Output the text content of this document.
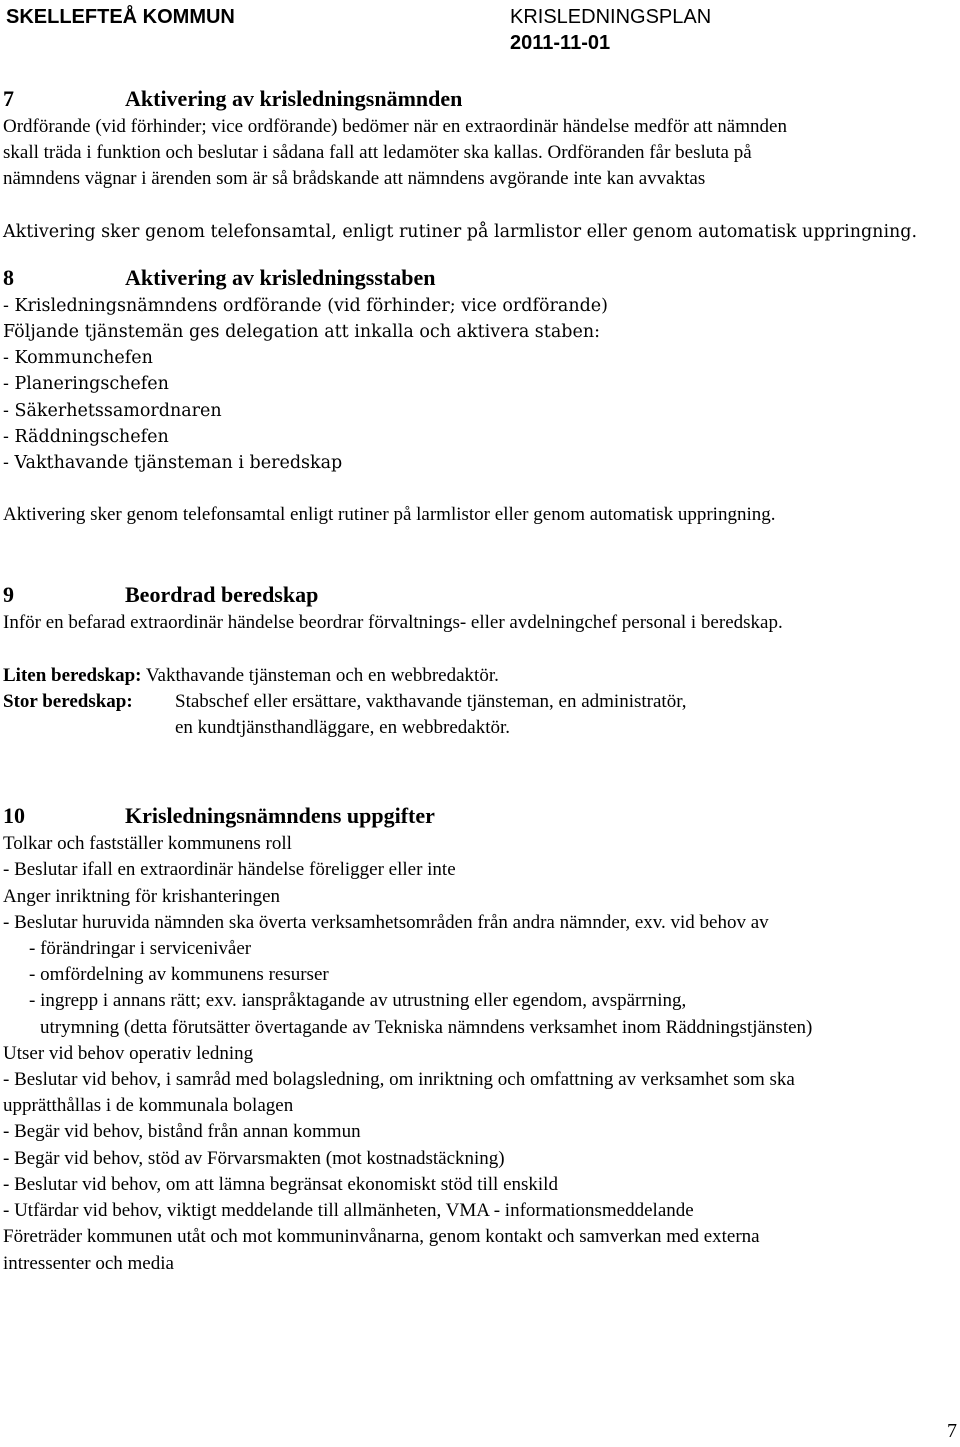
SKELLEFTEÅ KOMMUN	KRISLEDNINGSPLAN
2011-11-01
7	Aktivering av krisledningsnämnden
Ordförande (vid förhinder; vice ordförande) bedömer när en extraordinär händelse medför att nämnden
skall träda i funktion och beslutar i sådana fall att ledamöter ska kallas. Ordföranden får besluta på
nämndens vägnar i ärenden som är så brådskande att nämndens avgörande inte kan avvaktas
Aktivering sker genom telefonsamtal, enligt rutiner på larmlistor eller genom automatisk uppringning.
8	Aktivering av krisledningsstaben
- Krisledningsnämndens ordförande (vid förhinder; vice ordförande)
Följande tjänstemän ges delegation att inkalla och aktivera staben:
- Kommunchefen
- Planeringschefen
- Säkerhetssamordnaren
- Räddningschefen
- Vakthavande tjänsteman i beredskap
Aktivering sker genom telefonsamtal enligt rutiner på larmlistor eller genom automatisk uppringning.
9	Beordrad beredskap
Inför en befarad extraordinär händelse beordrar förvaltnings- eller avdelningchef personal i beredskap.
Liten beredskap: Vakthavande tjänsteman och en webbredaktör.
Stor beredskap: Stabschef eller ersättare, vakthavande tjänsteman, en administratör,
en kundtjänsthandläggare, en webbredaktör.
10	Krisledningsnämndens uppgifter
Tolkar och fastställer kommunens roll
- Beslutar ifall en extraordinär händelse föreligger eller inte
Anger inriktning för krishanteringen
- Beslutar huruvida nämnden ska överta verksamhetsområden från andra nämnder, exv. vid behov av
- förändringar i servicenivåer
- omfördelning av kommunens resurser
- ingrepp i annans rätt; exv. ianspråktagande av utrustning eller egendom, avspärrning,
utrymning (detta förutsätter övertagande av Tekniska nämndens verksamhet inom Räddningstjänsten)
Utser vid behov operativ ledning
- Beslutar vid behov, i samråd med bolagsledning, om inriktning och omfattning av verksamhet som ska
upprätthållas i de kommunala bolagen
- Begär vid behov, bistånd från annan kommun
- Begär vid behov, stöd av Förvarsmakten (mot kostnadstäckning)
- Beslutar vid behov, om att lämna begränsat ekonomiskt stöd till enskild
- Utfärdar vid behov, viktigt meddelande till allmänheten, VMA - informationsmeddelande
Företräder kommunen utåt och mot kommuninvånarna, genom kontakt och samverkan med externa
intressenter och media
7
